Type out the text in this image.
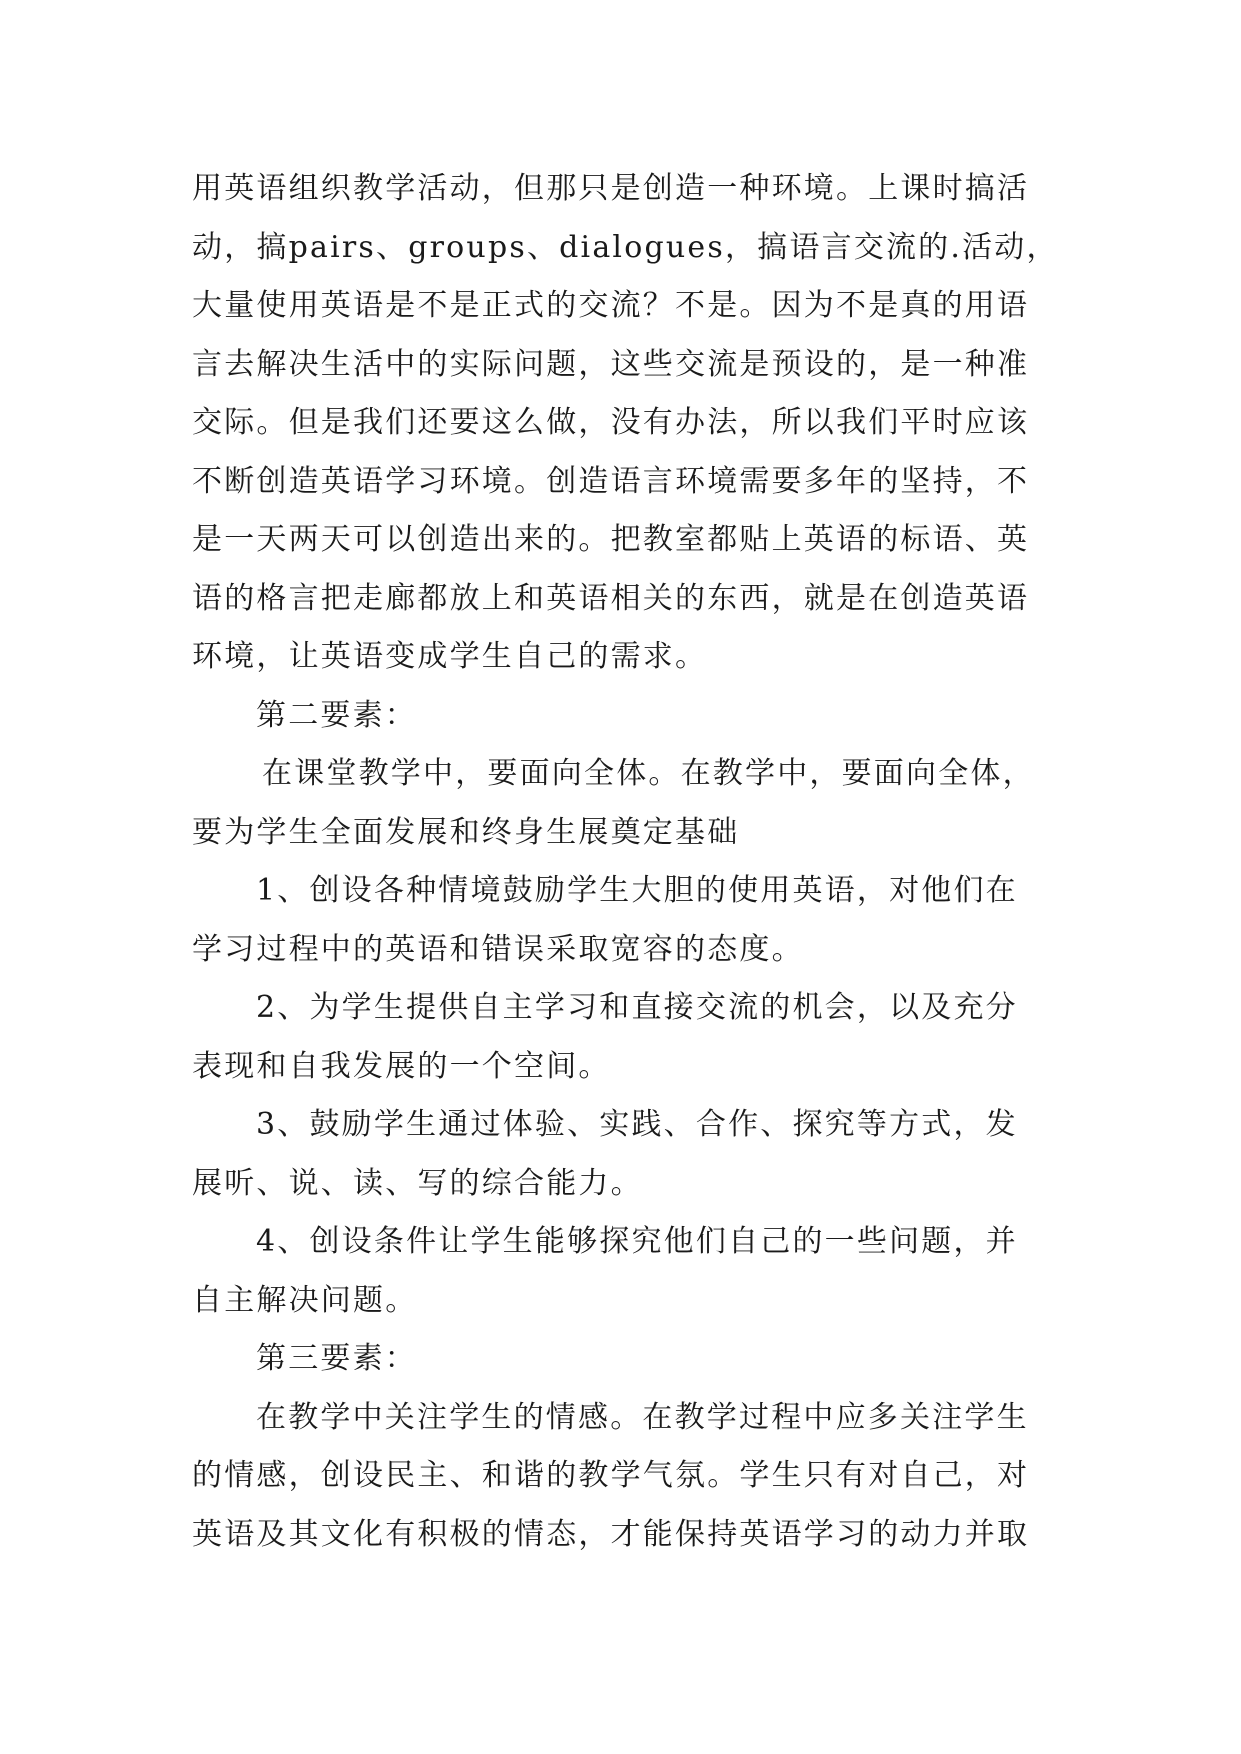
用英语组织教学活动，但那只是创造一种环境。上课时搞活
动，搞pairs、groups、dialogues，搞语言交流的.活动，
大量使用英语是不是正式的交流？不是。因为不是真的用语
言去解决生活中的实际问题，这些交流是预设的，是一种准
交际。但是我们还要这么做，没有办法，所以我们平时应该
不断创造英语学习环境。创造语言环境需要多年的坚持，不
是一天两天可以创造出来的。把教室都贴上英语的标语、英
语的格言把走廊都放上和英语相关的东西，就是在创造英语
环境，让英语变成学生自己的需求。
第二要素：
在课堂教学中，要面向全体。在教学中，要面向全体，
要为学生全面发展和终身生展奠定基础
1、创设各种情境鼓励学生大胆的使用英语，对他们在
学习过程中的英语和错误采取宽容的态度。
2、为学生提供自主学习和直接交流的机会，以及充分
表现和自我发展的一个空间。
3、鼓励学生通过体验、实践、合作、探究等方式，发
展听、说、读、写的综合能力。
4、创设条件让学生能够探究他们自己的一些问题，并
自主解决问题。
第三要素：
在教学中关注学生的情感。在教学过程中应多关注学生
的情感，创设民主、和谐的教学气氛。学生只有对自己，对
英语及其文化有积极的情态，才能保持英语学习的动力并取
